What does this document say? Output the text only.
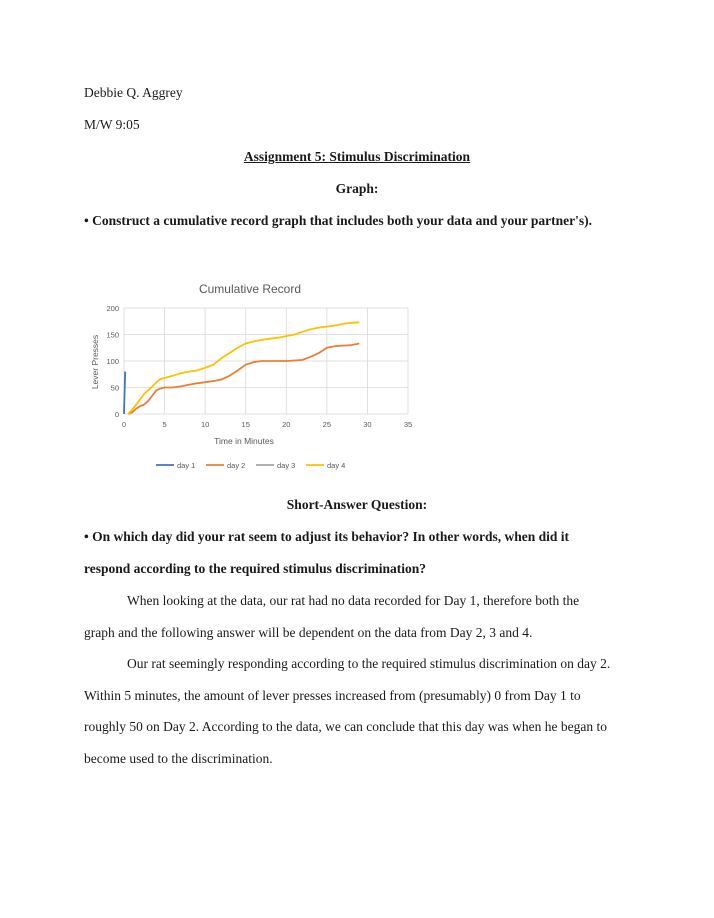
Debbie Q. Aggrey
M/W 9:05
Assignment 5: Stimulus Discrimination
Graph:
• Construct a cumulative record graph that includes both your data and your partner's).
Cumulative Record
0
50
100
150
200
0	5	10	15	20	25	30	35
Time in Minutes
Lever Presses
day 1	day 2	day 3	day 4
Short-Answer Question:
• On which day did your rat seem to adjust its behavior? In other words, when did it
respond according to the required stimulus discrimination?
When looking at the data, our rat had no data recorded for Day 1, therefore both the
graph and the following answer will be dependent on the data from Day 2, 3 and 4.
Our rat seemingly responding according to the required stimulus discrimination on day 2.
Within 5 minutes, the amount of lever presses increased from (presumably) 0 from Day 1 to
roughly 50 on Day 2. According to the data, we can conclude that this day was when he began to
become used to the discrimination.
